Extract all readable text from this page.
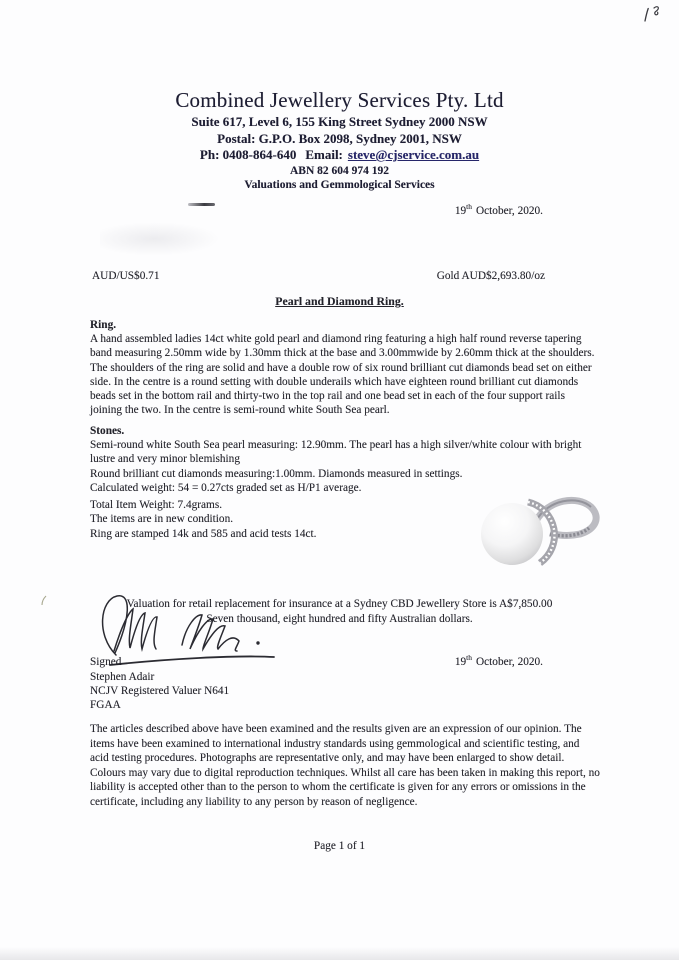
Combined Jewellery Services Pty. Ltd
Suite 617, Level 6, 155 King Street Sydney 2000 NSW
Postal: G.P.O. Box 2098, Sydney 2001, NSW
Ph: 0408-864-640 Email: steve@cjservice.com.au
ABN 82 604 974 192
Valuations and Gemmological Services
19th October, 2020.
AUD/US$0.71	Gold AUD$2,693.80/oz
Pearl and Diamond Ring.
Ring.
A hand assembled ladies 14ct white gold pearl and diamond ring featuring a high half round reverse tapering band measuring 2.50mm wide by 1.30mm thick at the base and 3.00mmwide by 2.60mm thick at the shoulders. The shoulders of the ring are solid and have a double row of six round brilliant cut diamonds bead set on either side. In the centre is a round setting with double underails which have eighteen round brilliant cut diamonds beads set in the bottom rail and thirty-two in the top rail and one bead set in each of the four support rails joining the two. In the centre is semi-round white South Sea pearl.
Stones.
Semi-round white South Sea pearl measuring: 12.90mm. The pearl has a high silver/white colour with bright lustre and very minor blemishing
Round brilliant cut diamonds measuring:1.00mm. Diamonds measured in settings.
Calculated weight: 54 = 0.27cts graded set as H/P1 average.
Total Item Weight: 7.4grams.
The items are in new condition.
Ring are stamped 14k and 585 and acid tests 14ct.
Valuation for retail replacement for insurance at a Sydney CBD Jewellery Store is A$7,850.00
Seven thousand, eight hundred and fifty Australian dollars.
Signed	19th October, 2020.
Stephen Adair
NCJV Registered Valuer N641
FGAA
The articles described above have been examined and the results given are an expression of our opinion. The items have been examined to international industry standards using gemmological and scientific testing, and acid testing procedures. Photographs are representative only, and may have been enlarged to show detail. Colours may vary due to digital reproduction techniques. Whilst all care has been taken in making this report, no liability is accepted other than to the person to whom the certificate is given for any errors or omissions in the certificate, including any liability to any person by reason of negligence.
Page 1 of 1
